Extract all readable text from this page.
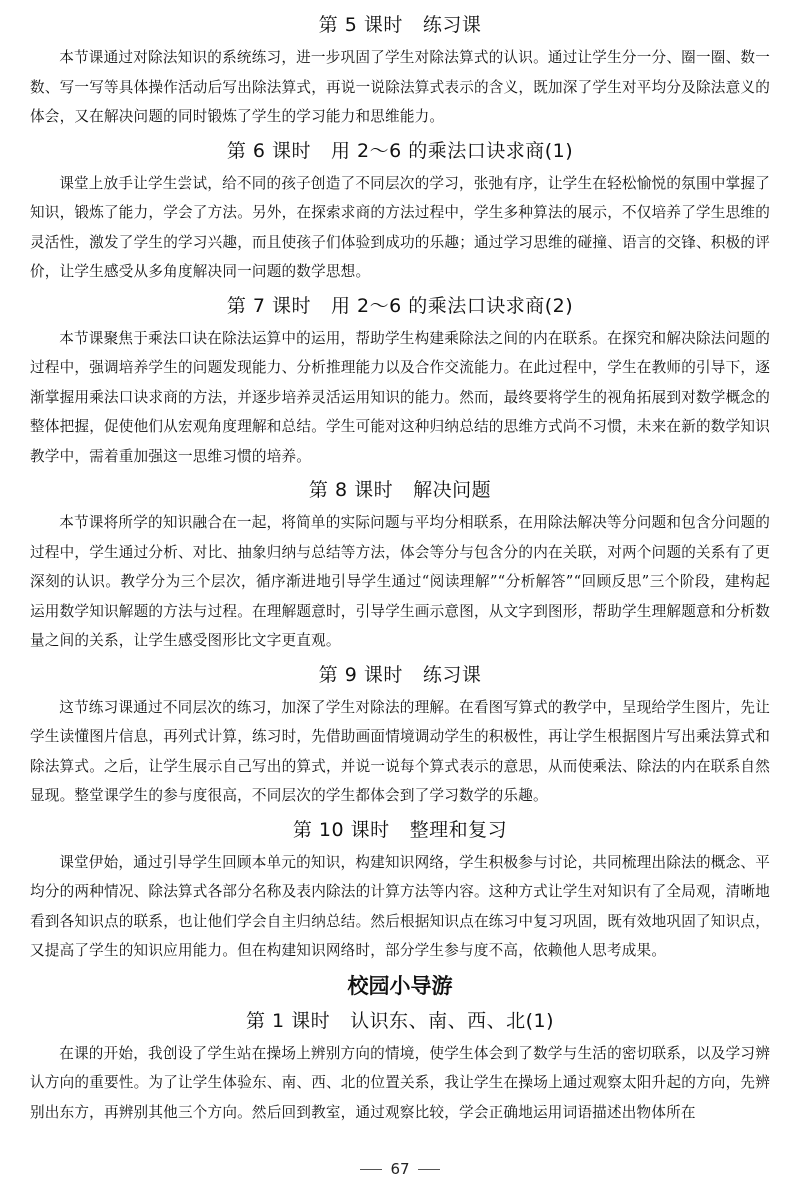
第 5 课时 练习课

本节课通过对除法知识的系统练习，进一步巩固了学生对除法算式的认识。通过让学生分一分、圈一圈、数一数、写一写等具体操作活动后写出除法算式，再说一说除法算式表示的含义，既加深了学生对平均分及除法意义的体会，又在解决问题的同时锻炼了学生的学习能力和思维能力。

第 6 课时 用 2～6 的乘法口诀求商(1)

课堂上放手让学生尝试，给不同的孩子创造了不同层次的学习，张弛有序，让学生在轻松愉悦的氛围中掌握了知识，锻炼了能力，学会了方法。另外，在探索求商的方法过程中，学生多种算法的展示，不仅培养了学生思维的灵活性，激发了学生的学习兴趣，而且使孩子们体验到成功的乐趣；通过学习思维的碰撞、语言的交锋、积极的评价，让学生感受从多角度解决同一问题的数学思想。

第 7 课时 用 2～6 的乘法口诀求商(2)

本节课聚焦于乘法口诀在除法运算中的运用，帮助学生构建乘除法之间的内在联系。在探究和解决除法问题的过程中，强调培养学生的问题发现能力、分析推理能力以及合作交流能力。在此过程中，学生在教师的引导下，逐渐掌握用乘法口诀求商的方法，并逐步培养灵活运用知识的能力。然而，最终要将学生的视角拓展到对数学概念的整体把握，促使他们从宏观角度理解和总结。学生可能对这种归纳总结的思维方式尚不习惯，未来在新的数学知识教学中，需着重加强这一思维习惯的培养。

第 8 课时 解决问题

本节课将所学的知识融合在一起，将简单的实际问题与平均分相联系，在用除法解决等分问题和包含分问题的过程中，学生通过分析、对比、抽象归纳与总结等方法，体会等分与包含分的内在关联，对两个问题的关系有了更深刻的认识。教学分为三个层次，循序渐进地引导学生通过“阅读理解”“分析解答”“回顾反思”三个阶段，建构起运用数学知识解题的方法与过程。在理解题意时，引导学生画示意图，从文字到图形，帮助学生理解题意和分析数量之间的关系，让学生感受图形比文字更直观。

第 9 课时 练习课

这节练习课通过不同层次的练习，加深了学生对除法的理解。在看图写算式的教学中，呈现给学生图片，先让学生读懂图片信息，再列式计算，练习时，先借助画面情境调动学生的积极性，再让学生根据图片写出乘法算式和除法算式。之后，让学生展示自己写出的算式，并说一说每个算式表示的意思，从而使乘法、除法的内在联系自然显现。整堂课学生的参与度很高，不同层次的学生都体会到了学习数学的乐趣。

第 10 课时 整理和复习

课堂伊始，通过引导学生回顾本单元的知识，构建知识网络，学生积极参与讨论，共同梳理出除法的概念、平均分的两种情况、除法算式各部分名称及表内除法的计算方法等内容。这种方式让学生对知识有了全局观，清晰地看到各知识点的联系，也让他们学会自主归纳总结。然后根据知识点在练习中复习巩固，既有效地巩固了知识点，又提高了学生的知识应用能力。但在构建知识网络时，部分学生参与度不高，依赖他人思考成果。

校园小导游
第 1 课时 认识东、南、西、北(1)

在课的开始，我创设了学生站在操场上辨别方向的情境，使学生体会到了数学与生活的密切联系，以及学习辨认方向的重要性。为了让学生体验东、南、西、北的位置关系，我让学生在操场上通过观察太阳升起的方向，先辨别出东方，再辨别其他三个方向。然后回到教室，通过观察比较，学会正确地运用词语描述出物体所在

67
